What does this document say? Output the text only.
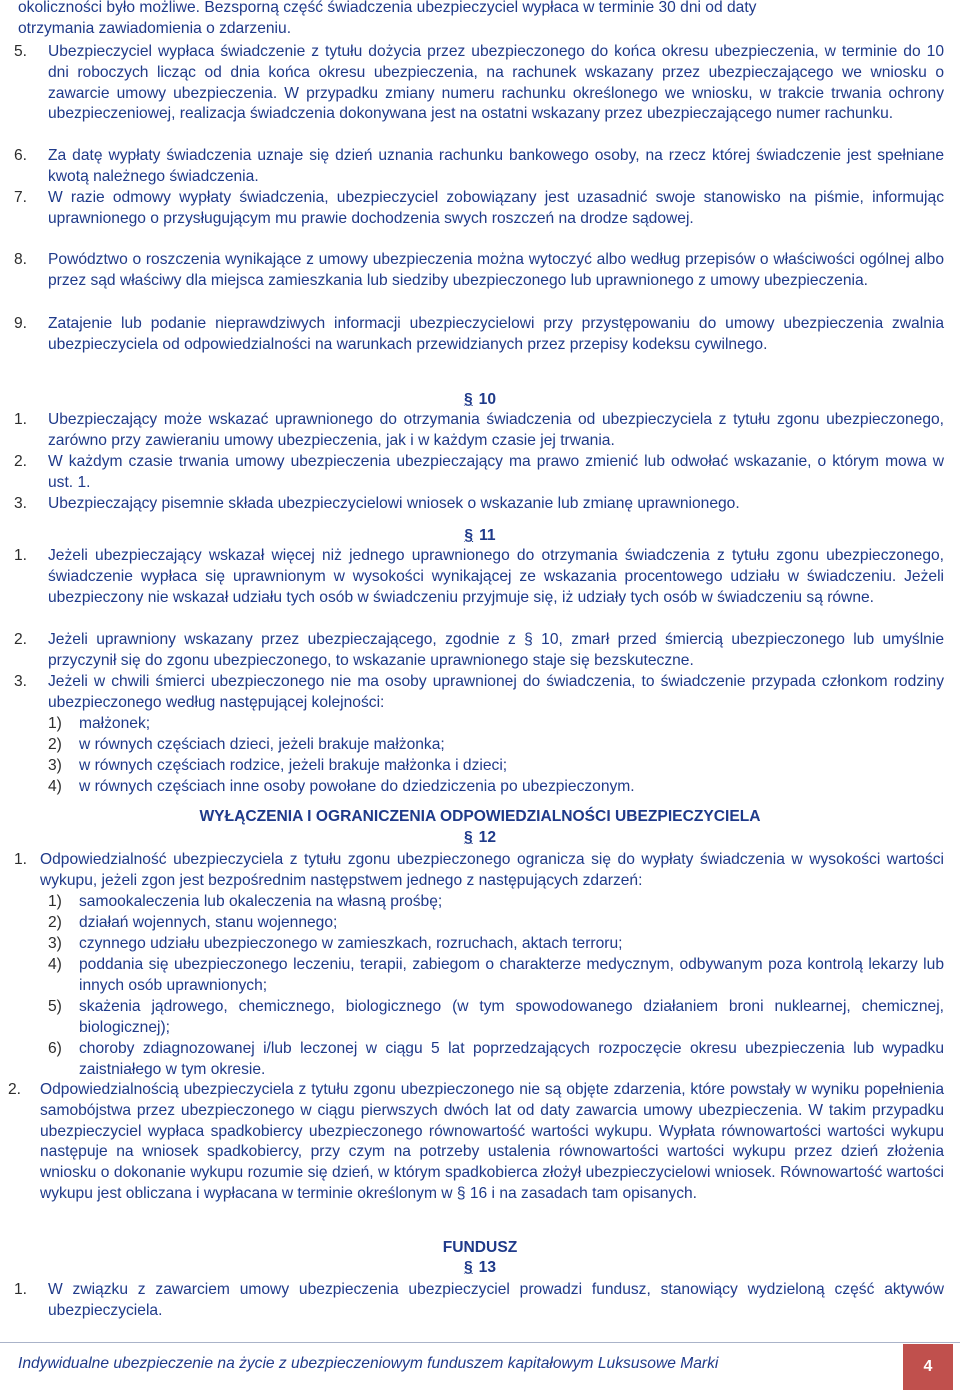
okoliczności było możliwe. Bezsporną część świadczenia ubezpieczyciel wypłaca w terminie 30 dni od daty
otrzymania zawiadomienia o zdarzeniu.
5. Ubezpieczyciel wypłaca świadczenie z tytułu dożycia przez ubezpieczonego do końca okresu ubezpieczenia, w terminie do 10 dni roboczych licząc od dnia końca okresu ubezpieczenia, na rachunek wskazany przez ubezpieczającego we wniosku o zawarcie umowy ubezpieczenia. W przypadku zmiany numeru rachunku określonego we wniosku, w trakcie trwania ochrony ubezpieczeniowej, realizacja świadczenia dokonywana jest na ostatni wskazany przez ubezpieczającego numer rachunku.
6. Za datę wypłaty świadczenia uznaje się dzień uznania rachunku bankowego osoby, na rzecz której świadczenie jest spełniane kwotą należnego świadczenia.
7. W razie odmowy wypłaty świadczenia, ubezpieczyciel zobowiązany jest uzasadnić swoje stanowisko na piśmie, informując uprawnionego o przysługującym mu prawie dochodzenia swych roszczeń na drodze sądowej.
8. Powództwo o roszczenia wynikające z umowy ubezpieczenia można wytoczyć albo według przepisów o właściwości ogólnej albo przez sąd właściwy dla miejsca zamieszkania lub siedziby ubezpieczonego lub uprawnionego z umowy ubezpieczenia.
9. Zatajenie lub podanie nieprawdziwych informacji ubezpieczycielowi przy przystępowaniu do umowy ubezpieczenia zwalnia ubezpieczyciela od odpowiedzialności na warunkach przewidzianych przez przepisy kodeksu cywilnego.
§ 10
1. Ubezpieczający może wskazać uprawnionego do otrzymania świadczenia od ubezpieczyciela z tytułu zgonu ubezpieczonego, zarówno przy zawieraniu umowy ubezpieczenia, jak i w każdym czasie jej trwania.
2. W każdym czasie trwania umowy ubezpieczenia ubezpieczający ma prawo zmienić lub odwołać wskazanie, o którym mowa w ust. 1.
3. Ubezpieczający pisemnie składa ubezpieczycielowi wniosek o wskazanie lub zmianę uprawnionego.
§ 11
1. Jeżeli ubezpieczający wskazał więcej niż jednego uprawnionego do otrzymania świadczenia z tytułu zgonu ubezpieczonego, świadczenie wypłaca się uprawnionym w wysokości wynikającej ze wskazania procentowego udziału w świadczeniu. Jeżeli ubezpieczony nie wskazał udziału tych osób w świadczeniu przyjmuje się, iż udziały tych osób w świadczeniu są równe.
2. Jeżeli uprawniony wskazany przez ubezpieczającego, zgodnie z § 10, zmarł przed śmiercią ubezpieczonego lub umyślnie przyczynił się do zgonu ubezpieczonego, to wskazanie uprawnionego staje się bezskuteczne.
3. Jeżeli w chwili śmierci ubezpieczonego nie ma osoby uprawnionej do świadczenia, to świadczenie przypada członkom rodziny ubezpieczonego według następującej kolejności:
1) małżonek;
2) w równych częściach dzieci, jeżeli brakuje małżonka;
3) w równych częściach rodzice, jeżeli brakuje małżonka i dzieci;
4) w równych częściach inne osoby powołane do dziedziczenia po ubezpieczonym.
WYŁĄCZENIA I OGRANICZENIA ODPOWIEDZIALNOŚCI UBEZPIECZYCIELA
§ 12
1. Odpowiedzialność ubezpieczyciela z tytułu zgonu ubezpieczonego ogranicza się do wypłaty świadczenia w wysokości wartości wykupu, jeżeli zgon jest bezpośrednim następstwem jednego z następujących zdarzeń:
1) samookaleczenia lub okaleczenia na własną prośbę;
2) działań wojennych, stanu wojennego;
3) czynnego udziału ubezpieczonego w zamieszkach, rozruchach, aktach terroru;
4) poddania się ubezpieczonego leczeniu, terapii, zabiegom o charakterze medycznym, odbywanym poza kontrolą lekarzy lub innych osób uprawnionych;
5) skażenia jądrowego, chemicznego, biologicznego (w tym spowodowanego działaniem broni nuklearnej, chemicznej, biologicznej);
6) choroby zdiagnozowanej i/lub leczonej w ciągu 5 lat poprzedzających rozpoczęcie okresu ubezpieczenia lub wypadku zaistniałego w tym okresie.
2. Odpowiedzialnością ubezpieczyciela z tytułu zgonu ubezpieczonego nie są objęte zdarzenia, które powstały w wyniku popełnienia samobójstwa przez ubezpieczonego w ciągu pierwszych dwóch lat od daty zawarcia umowy ubezpieczenia. W takim przypadku ubezpieczyciel wypłaca spadkobiercy ubezpieczonego równowartość wartości wykupu. Wypłata równowartości wartości wykupu następuje na wniosek spadkobiercy, przy czym na potrzeby ustalenia równowartości wartości wykupu przez dzień złożenia wniosku o dokonanie wykupu rozumie się dzień, w którym spadkobierca złożył ubezpieczycielowi wniosek. Równowartość wartości wykupu jest obliczana i wypłacana w terminie określonym w § 16 i na zasadach tam opisanych.
FUNDUSZ
§ 13
1. W związku z zawarciem umowy ubezpieczenia ubezpieczyciel prowadzi fundusz, stanowiący wydzieloną część aktywów ubezpieczyciela.
Indywidualne ubezpieczenie na życie z ubezpieczeniowym funduszem kapitałowym Luksusowe Marki	4
